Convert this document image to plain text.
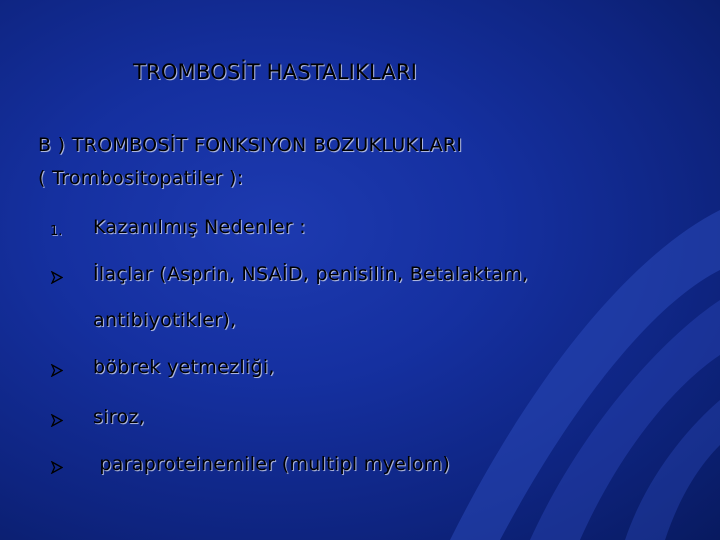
TROMBOSİT HASTALIKLARI
B ) TROMBOSİT FONKSIYON BOZUKLUKLARI
( Trombositopatiler ):
1. Kazanılmış Nedenler :
İlaçlar (Asprin, NSAİD, penisilin, Betalaktam,
antibiyotikler),
böbrek yetmezliği,
siroz,
paraproteinemiler (multipl myelom)
